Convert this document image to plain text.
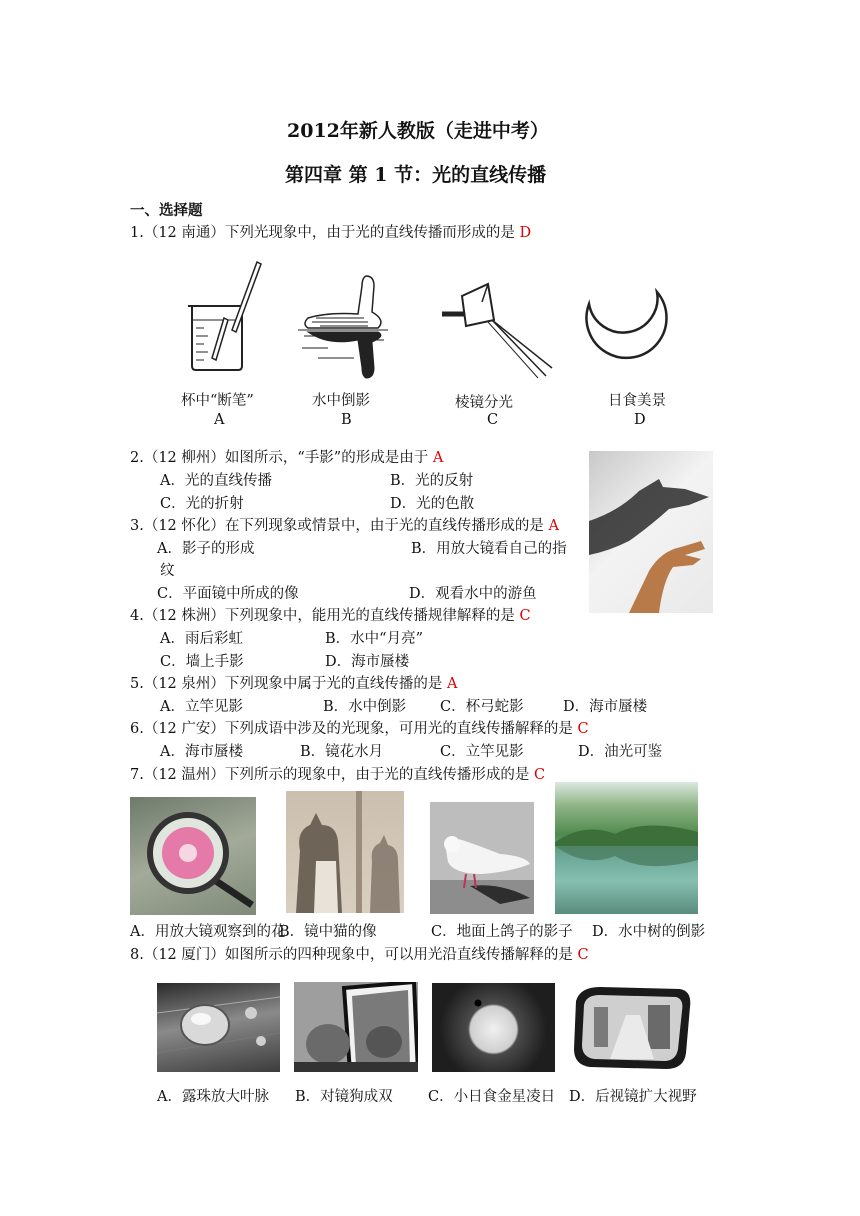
2012年新人教版（走进中考）
第四章 第 1 节：光的直线传播
一、选择题
1.（12 南通）下列光现象中，由于光的直线传播而形成的是 D
杯中“断笔”	水中倒影	棱镜分光	日食美景
A	B	C	D
2.（12 柳州）如图所示，“手影”的形成是由于 A
A．光的直线传播	B．光的反射
C．光的折射	D．光的色散
3.（12 怀化）在下列现象或情景中，由于光的直线传播形成的是 A
A．影子的形成	B．用放大镜看自己的指
纹
C．平面镜中所成的像	D．观看水中的游鱼
4.（12 株洲）下列现象中，能用光的直线传播规律解释的是 C
A．雨后彩虹	B．水中“月亮”
C．墙上手影	D．海市蜃楼
5.（12 泉州）下列现象中属于光的直线传播的是 A
A．立竿见影	B．水中倒影 C．杯弓蛇影	D．海市蜃楼
6.（12 广安）下列成语中涉及的光现象，可用光的直线传播解释的是 C
A．海市蜃楼	B．镜花水月	C．立竿见影	D．油光可鉴
7.（12 温州）下列所示的现象中，由于光的直线传播形成的是 C
A．用放大镜观察到的花
B．镜中猫的像	C．地面上鸽子的影子 D．水中树的倒影
8.（12 厦门）如图所示的四种现象中，可以用光沿直线传播解释的是 C
A．露珠放大叶脉 B．对镜狗成双 C．小日食金星凌日 D．后视镜扩大视野
